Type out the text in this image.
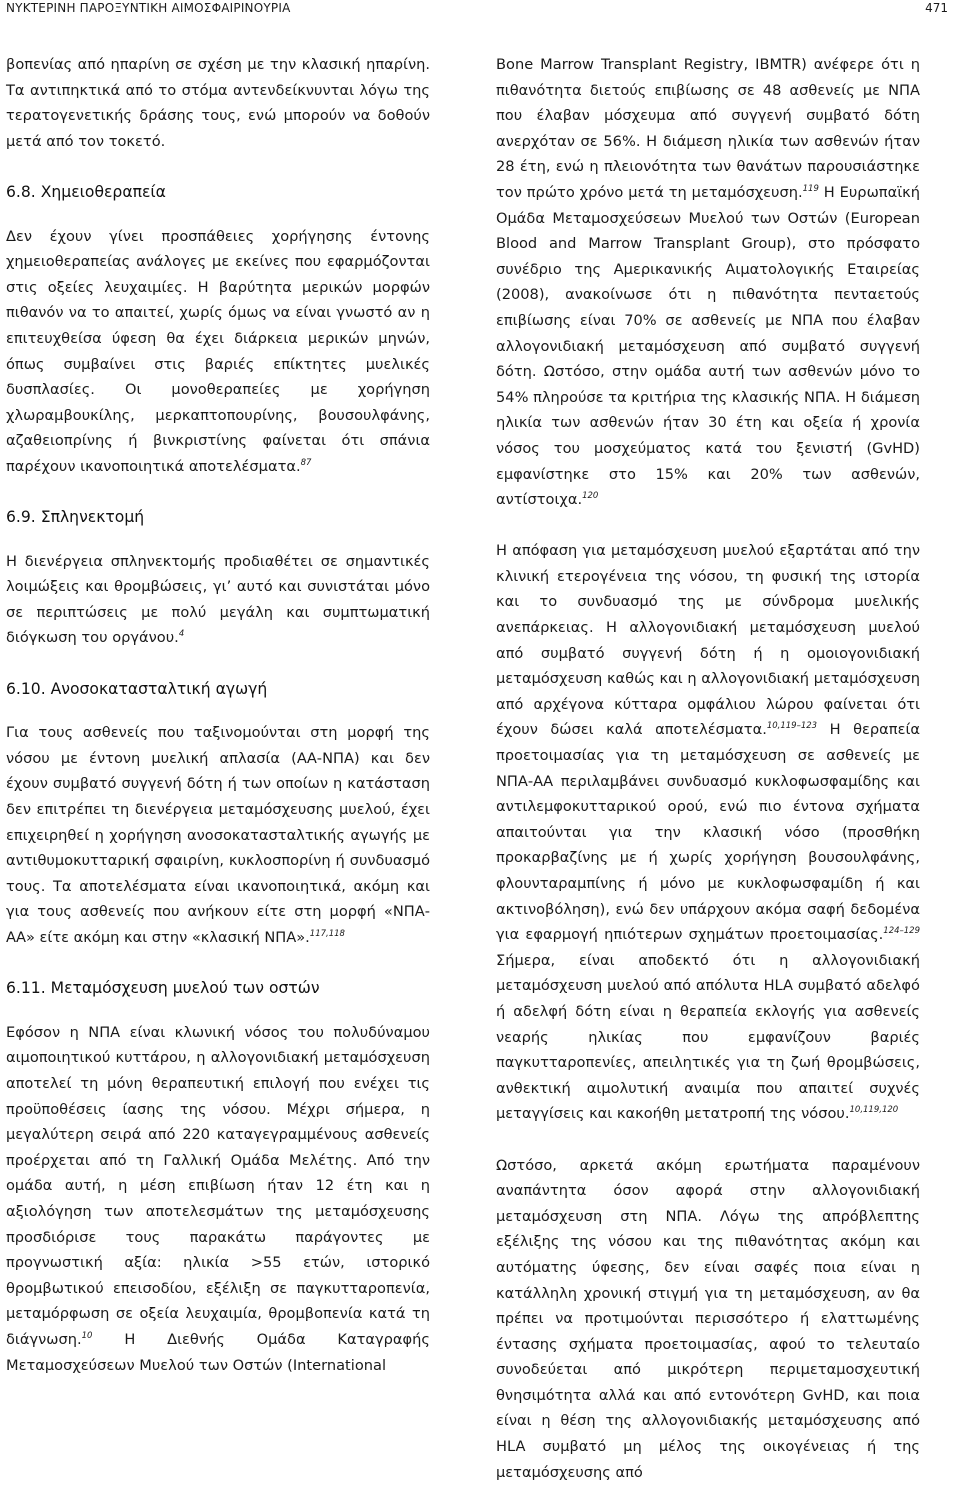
ΝΥΚΤΕΡΙΝΗ ΠΑΡΟΞΥΝΤΙΚΗ ΑΙΜΟΣΦΑΙΡΙΝΟΥΡΙΑ	471

βοπενίας από ηπαρίνη σε σχέση με την κλασική ηπαρίνη. Τα αντιπηκτικά από το στόμα αντενδείκνυνται λόγω της τερατογενετικής δράσης τους, ενώ μπορούν να δοθούν μετά από τον τοκετό.

6.8. Χημειοθεραπεία

Δεν έχουν γίνει προσπάθειες χορήγησης έντονης χημειοθεραπείας ανάλογες με εκείνες που εφαρμόζονται στις οξείες λευχαιμίες. Η βαρύτητα μερικών μορφών πιθανόν να το απαιτεί, χωρίς όμως να είναι γνωστό αν η επιτευχθείσα ύφεση θα έχει διάρκεια μερικών μηνών, όπως συμβαίνει στις βαριές επίκτητες μυελικές δυσπλασίες. Οι μονοθεραπείες με χορήγηση χλωραμβουκίλης, μερκαπτοπουρίνης, βουσουλφάνης, αζαθειοπρίνης ή βινκριστίνης φαίνεται ότι σπάνια παρέχουν ικανοποιητικά αποτελέσματα.$^{87}$

6.9. Σπληνεκτομή

Η διενέργεια σπληνεκτομής προδιαθέτει σε σημαντικές λοιμώξεις και θρομβώσεις, γι’ αυτό και συνιστάται μόνο σε περιπτώσεις με πολύ μεγάλη και συμπτωματική διόγκωση του οργάνου.$^4$

6.10. Ανοσοκατασταλτική αγωγή

Για τους ασθενείς που ταξινομούνται στη μορφή της νόσου με έντονη μυελική απλασία (ΑΑ-ΝΠΑ) και δεν έχουν συμβατό συγγενή δότη ή των οποίων η κατάσταση δεν επιτρέπει τη διενέργεια μεταμόσχευσης μυελού, έχει επιχειρηθεί η χορήγηση ανοσοκατασταλτικής αγωγής με αντιθυμοκυτταρική σφαιρίνη, κυκλοσπορίνη ή συνδυασμό τους. Τα αποτελέσματα είναι ικανοποιητικά, ακόμη και για τους ασθενείς που ανήκουν είτε στη μορφή «ΝΠΑ-ΑΑ» είτε ακόμη και στην «κλασική ΝΠΑ».$^{117,118}$

6.11. Μεταμόσχευση μυελού των οστών

Εφόσον η ΝΠΑ είναι κλωνική νόσος του πολυδύναμου αιμοποιητικού κυττάρου, η αλλογονιδιακή μεταμόσχευση αποτελεί τη μόνη θεραπευτική επιλογή που ενέχει τις προϋποθέσεις ίασης της νόσου. Μέχρι σήμερα, η μεγαλύτερη σειρά από 220 καταγεγραμμένους ασθενείς προέρχεται από τη Γαλλική Ομάδα Μελέτης. Από την ομάδα αυτή, η μέση επιβίωση ήταν 12 έτη και η αξιολόγηση των αποτελεσμάτων της μεταμόσχευσης προσδιόρισε τους παρακάτω παράγοντες με προγνωστική αξία: ηλικία >55 ετών, ιστορικό θρομβωτικού επεισοδίου, εξέλιξη σε παγκυτταροπενία, μεταμόρφωση σε οξεία λευχαιμία, θρομβοπενία κατά τη διάγνωση.$^{10}$ Η Διεθνής Ομάδα Καταγραφής Μεταμοσχεύσεων Μυελού των Οστών (International

Bone Marrow Transplant Registry, IBMTR) ανέφερε ότι η πιθανότητα διετούς επιβίωσης σε 48 ασθενείς με ΝΠΑ που έλαβαν μόσχευμα από συγγενή συμβατό δότη ανερχόταν σε 56%. Η διάμεση ηλικία των ασθενών ήταν 28 έτη, ενώ η πλειονότητα των θανάτων παρουσιάστηκε τον πρώτο χρόνο μετά τη μεταμόσχευση.$^{119}$ Η Ευρωπαϊκή Ομάδα Μεταμοσχεύσεων Μυελού των Οστών (European Blood and Marrow Transplant Group), στο πρόσφατο συνέδριο της Αμερικανικής Αιματολογικής Εταιρείας (2008), ανακοίνωσε ότι η πιθανότητα πενταετούς επιβίωσης είναι 70% σε ασθενείς με ΝΠΑ που έλαβαν αλλογονιδιακή μεταμόσχευση από συμβατό συγγενή δότη. Ωστόσο, στην ομάδα αυτή των ασθενών μόνο το 54% πληρούσε τα κριτήρια της κλασικής ΝΠΑ. Η διάμεση ηλικία των ασθενών ήταν 30 έτη και οξεία ή χρονία νόσος του μοσχεύματος κατά του ξενιστή (GvHD) εμφανίστηκε στο 15% και 20% των ασθενών, αντίστοιχα.$^{120}$

Η απόφαση για μεταμόσχευση μυελού εξαρτάται από την κλινική ετερογένεια της νόσου, τη φυσική της ιστορία και το συνδυασμό της με σύνδρομα μυελικής ανεπάρκειας. Η αλλογονιδιακή μεταμόσχευση μυελού από συμβατό συγγενή δότη ή η ομοιογονιδιακή μεταμόσχευση καθώς και η αλλογονιδιακή μεταμόσχευση από αρχέγονα κύτταρα ομφάλιου λώρου φαίνεται ότι έχουν δώσει καλά αποτελέσματα.$^{10,119-123}$ Η θεραπεία προετοιμασίας για τη μεταμόσχευση σε ασθενείς με ΝΠΑ-ΑΑ περιλαμβάνει συνδυασμό κυκλοφωσφαμίδης και αντιλεμφοκυτταρικού ορού, ενώ πιο έντονα σχήματα απαιτούνται για την κλασική νόσο (προσθήκη προκαρβαζίνης με ή χωρίς χορήγηση βουσουλφάνης, φλουνταραμπίνης ή μόνο με κυκλοφωσφαμίδη ή και ακτινοβόληση), ενώ δεν υπάρχουν ακόμα σαφή δεδομένα για εφαρμογή ηπιότερων σχημάτων προετοιμασίας.$^{124-129}$ Σήμερα, είναι αποδεκτό ότι η αλλογονιδιακή μεταμόσχευση μυελού από απόλυτα HLA συμβατό αδελφό ή αδελφή δότη είναι η θεραπεία εκλογής για ασθενείς νεαρής ηλικίας που εμφανίζουν βαριές παγκυτταροπενίες, απειλητικές για τη ζωή θρομβώσεις, ανθεκτική αιμολυτική αναιμία που απαιτεί συχνές μεταγγίσεις και κακοήθη μετατροπή της νόσου.$^{10,119,120}$

Ωστόσο, αρκετά ακόμη ερωτήματα παραμένουν αναπάντητα όσον αφορά στην αλλογονιδιακή μεταμόσχευση στη ΝΠΑ. Λόγω της απρόβλεπτης εξέλιξης της νόσου και της πιθανότητας ακόμη και αυτόματης ύφεσης, δεν είναι σαφές ποια είναι η κατάλληλη χρονική στιγμή για τη μεταμόσχευση, αν θα πρέπει να προτιμούνται περισσότερο ή ελαττωμένης έντασης σχήματα προετοιμασίας, αφού το τελευταίο συνοδεύεται από μικρότερη περιμεταμοσχευτική θνησιμότητα αλλά και από εντονότερη GvHD, και ποια είναι η θέση της αλλογονιδιακής μεταμόσχευσης από HLA συμβατό μη μέλος της οικογένειας ή της μεταμόσχευσης από
